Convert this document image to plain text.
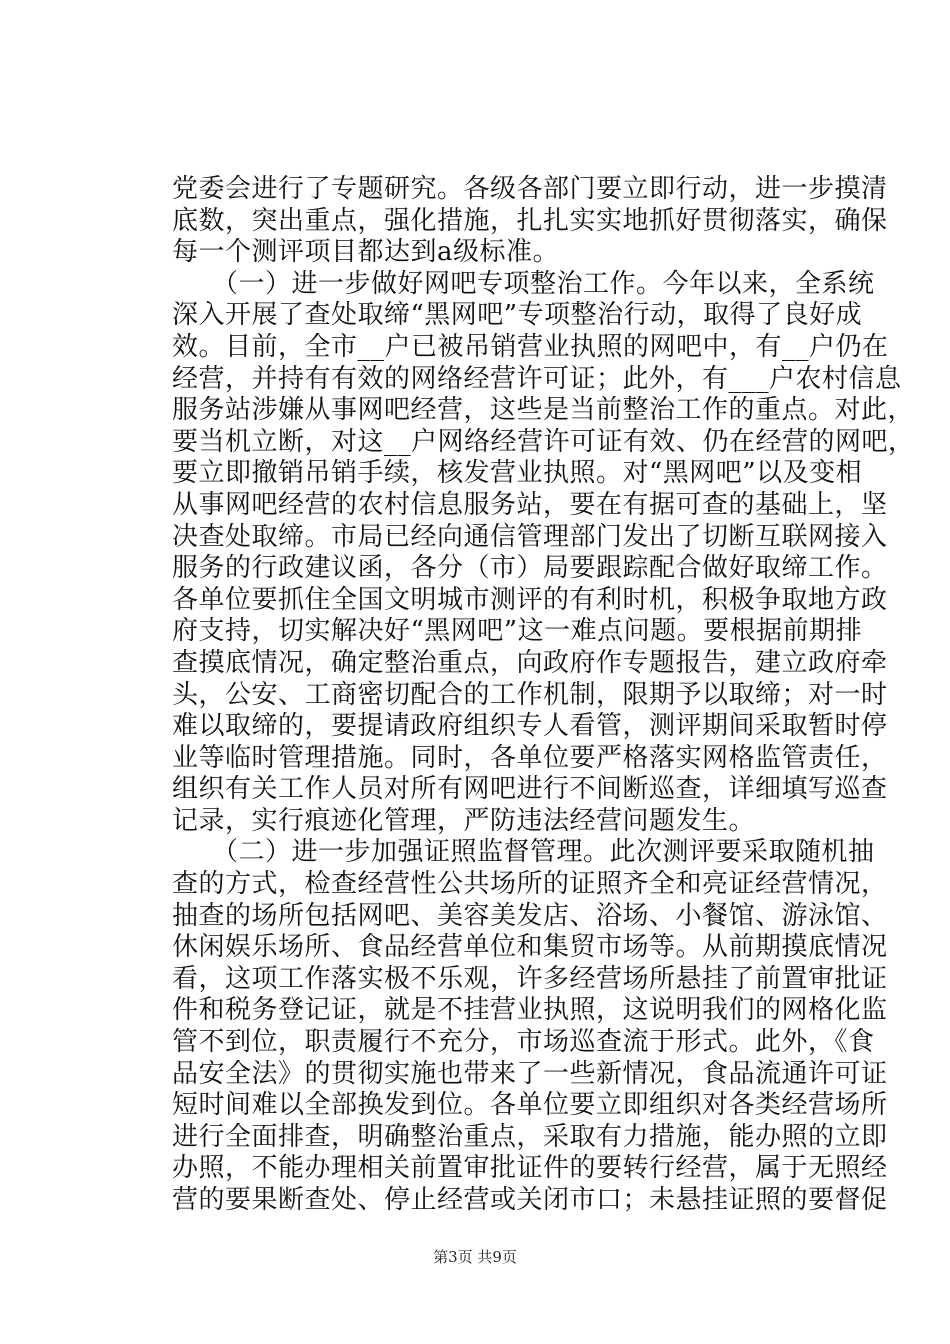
党委会进行了专题研究。各级各部门要立即行动，进一步摸清
底数，突出重点，强化措施，扎扎实实地抓好贯彻落实，确保
每一个测评项目都达到a级标准。
　　（一）进一步做好网吧专项整治工作。今年以来，全系统
深入开展了查处取缔“黑网吧”专项整治行动，取得了良好成
效。目前，全市__户已被吊销营业执照的网吧中，有__户仍在
经营，并持有有效的网络经营许可证；此外，有___户农村信息
服务站涉嫌从事网吧经营，这些是当前整治工作的重点。对此，
要当机立断，对这__户网络经营许可证有效、仍在经营的网吧，
要立即撤销吊销手续，核发营业执照。对“黑网吧”以及变相
从事网吧经营的农村信息服务站，要在有据可查的基础上，坚
决查处取缔。市局已经向通信管理部门发出了切断互联网接入
服务的行政建议函，各分（市）局要跟踪配合做好取缔工作。
各单位要抓住全国文明城市测评的有利时机，积极争取地方政
府支持，切实解决好“黑网吧”这一难点问题。要根据前期排
查摸底情况，确定整治重点，向政府作专题报告，建立政府牵
头，公安、工商密切配合的工作机制，限期予以取缔；对一时
难以取缔的，要提请政府组织专人看管，测评期间采取暂时停
业等临时管理措施。同时，各单位要严格落实网格监管责任，
组织有关工作人员对所有网吧进行不间断巡查，详细填写巡查
记录，实行痕迹化管理，严防违法经营问题发生。
　　（二）进一步加强证照监督管理。此次测评要采取随机抽
查的方式，检查经营性公共场所的证照齐全和亮证经营情况，
抽查的场所包括网吧、美容美发店、浴场、小餐馆、游泳馆、
休闲娱乐场所、食品经营单位和集贸市场等。从前期摸底情况
看，这项工作落实极不乐观，许多经营场所悬挂了前置审批证
件和税务登记证，就是不挂营业执照，这说明我们的网格化监
管不到位，职责履行不充分，市场巡查流于形式。此外，《食
品安全法》的贯彻实施也带来了一些新情况，食品流通许可证
短时间难以全部换发到位。各单位要立即组织对各类经营场所
进行全面排查，明确整治重点，采取有力措施，能办照的立即
办照，不能办理相关前置审批证件的要转行经营，属于无照经
营的要果断查处、停止经营或关闭市口；未悬挂证照的要督促
第3页 共9页
